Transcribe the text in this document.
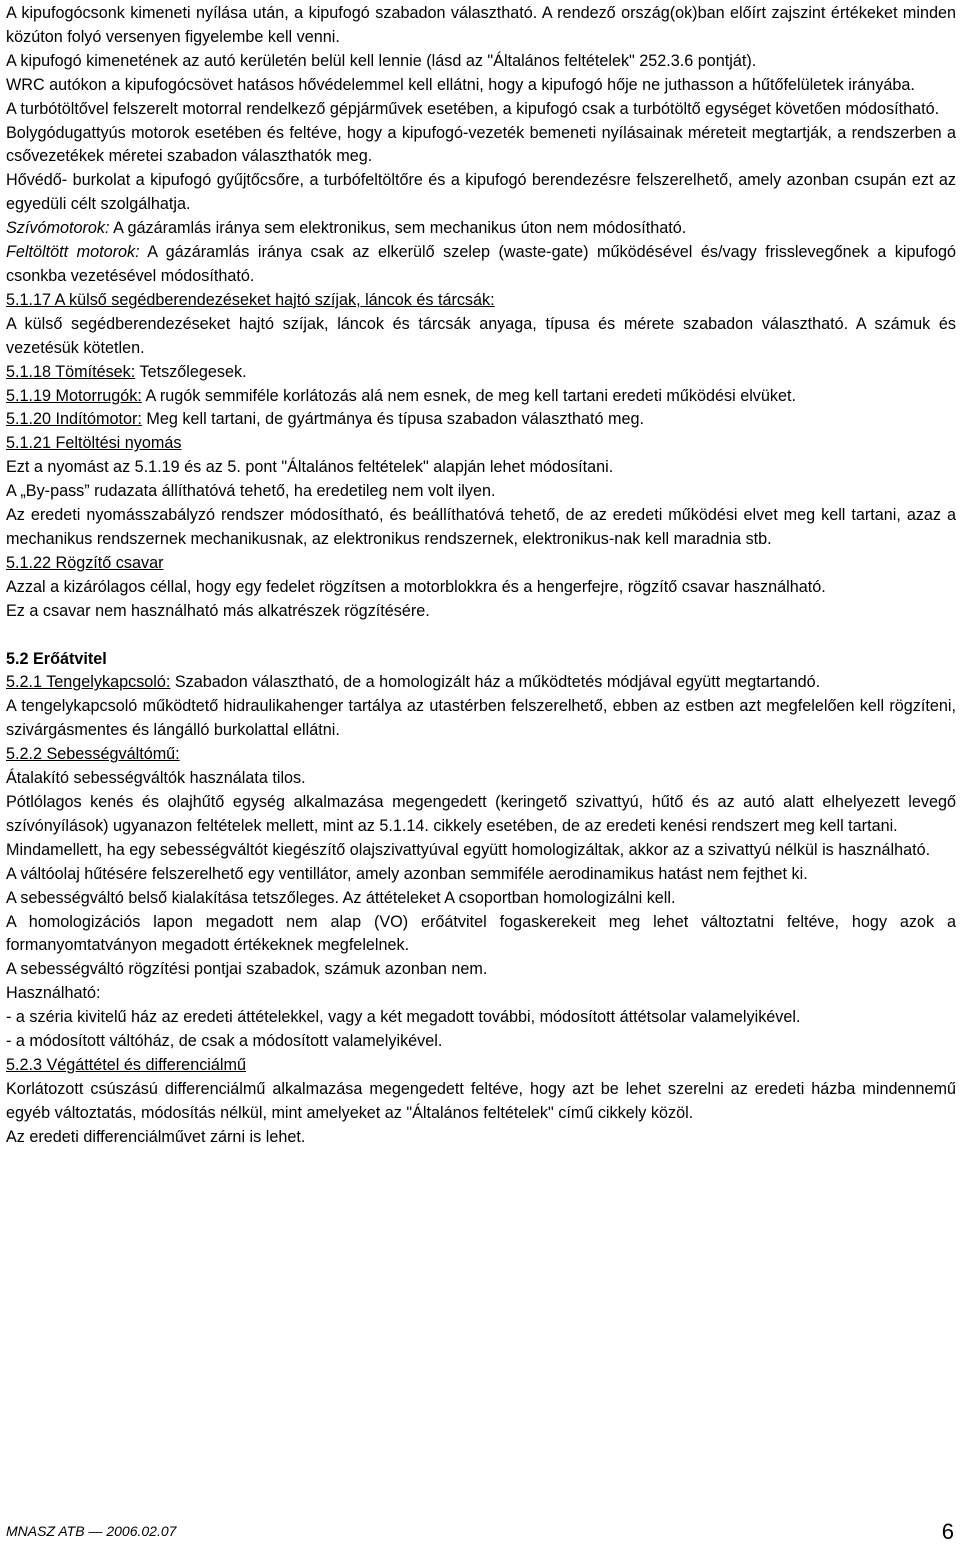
A kipufogócsonk kimeneti nyílása után, a kipufogó szabadon választható. A rendező ország(ok)ban előírt zajszint értékeket minden közúton folyó versenyen figyelembe kell venni.

A kipufogó kimenetének az autó kerületén belül kell lennie (lásd az "Általános feltételek" 252.3.6 pontját).

WRC autókon a kipufogócsövet hatásos hővédelemmel kell ellátni, hogy a kipufogó hője ne juthasson a hűtőfelületek irányába.

A turbótöltővel felszerelt motorral rendelkező gépjárművek esetében, a kipufogó csak a turbótöltő egységet követően módosítható.

Bolygódugattyús motorok esetében és feltéve, hogy a kipufogó-vezeték bemeneti nyílásainak méreteit megtartják, a rendszerben a csővezetékek méretei szabadon választhatók meg.

Hővédő- burkolat a kipufogó gyűjtőcsőre, a turbófeltöltőre és a kipufogó berendezésre felszerelhető, amely azonban csupán ezt az egyedüli célt szolgálhatja.

Szívómotorok: A gázáramlás iránya sem elektronikus, sem mechanikus úton nem módosítható.

Feltöltött motorok: A gázáramlás iránya csak az elkerülő szelep (waste-gate) működésével és/vagy frisslevegőnek a kipufogó csonkba vezetésével módosítható.

5.1.17 A külső segédberendezéseket hajtó szíjak, láncok és tárcsák:

A külső segédberendezéseket hajtó szíjak, láncok és tárcsák anyaga, típusa és mérete szabadon választható. A számuk és vezetésük kötetlen.

5.1.18 Tömítések: Tetszőlegesek.

5.1.19 Motorrugók: A rugók semmiféle korlátozás alá nem esnek, de meg kell tartani eredeti működési elvüket.

5.1.20 Indítómotor: Meg kell tartani, de gyártmánya és típusa szabadon választható meg.

5.1.21 Feltöltési nyomás

Ezt a nyomást az 5.1.19 és az 5. pont "Általános feltételek" alapján lehet módosítani.

A „By-pass” rudazata állíthatóvá tehető, ha eredetileg nem volt ilyen.

Az eredeti nyomásszabályzó rendszer módosítható, és beállíthatóvá tehető, de az eredeti működési elvet meg kell tartani, azaz a mechanikus rendszernek mechanikusnak, az elektronikus rendszernek, elektronikus-nak kell maradnia stb.

5.1.22 Rögzítő csavar

Azzal a kizárólagos céllal, hogy egy fedelet rögzítsen a motorblokkra és a hengerfejre, rögzítő csavar használható.

Ez a csavar nem használható más alkatrészek rögzítésére.

5.2 Erőátvitel

5.2.1 Tengelykapcsoló: Szabadon választható, de a homologizált ház a működtetés módjával együtt megtartandó.

A tengelykapcsoló működtető hidraulikahenger tartálya az utastérben felszerelhető, ebben az estben azt megfelelően kell rögzíteni, szivárgásmentes és lángálló burkolattal ellátni.

5.2.2 Sebességváltómű:

Átalakító sebességváltók használata tilos.

Pótlólagos kenés és olajhűtő egység alkalmazása megengedett (keringető szivattyú, hűtő és az autó alatt elhelyezett levegő szívónyílások) ugyanazon feltételek mellett, mint az 5.1.14. cikkely esetében, de az eredeti kenési rendszert meg kell tartani.

Mindamellett, ha egy sebességváltót kiegészítő olajszivattyúval együtt homologizáltak, akkor az a szivattyú nélkül is használható.

A váltóolaj hűtésére felszerelhető egy ventillátor, amely azonban semmiféle aerodinamikus hatást nem fejthet ki.

A sebességváltó belső kialakítása tetszőleges. Az áttételeket A csoportban homologizálni kell.

A homologizációs lapon megadott nem alap (VO) erőátvitel fogaskerekeit meg lehet változtatni feltéve, hogy azok a formanyomtatványon megadott értékeknek megfelelnek.

A sebességváltó rögzítési pontjai szabadok, számuk azonban nem.

Használható:

- a széria kivitelű ház az eredeti áttételekkel, vagy a két megadott további, módosított áttétsolar valamelyikével.

- a módosított váltóház, de csak a módosított valamelyikével.

5.2.3 Végáttétel és differenciálmű

Korlátozott csúszású differenciálmű alkalmazása megengedett feltéve, hogy azt be lehet szerelni az eredeti házba mindennemű egyéb változtatás, módosítás nélkül, mint amelyeket az "Általános feltételek" című cikkely közöl.

Az eredeti differenciálművet zárni is lehet.

MNASZ ATB — 2006.02.07	6
